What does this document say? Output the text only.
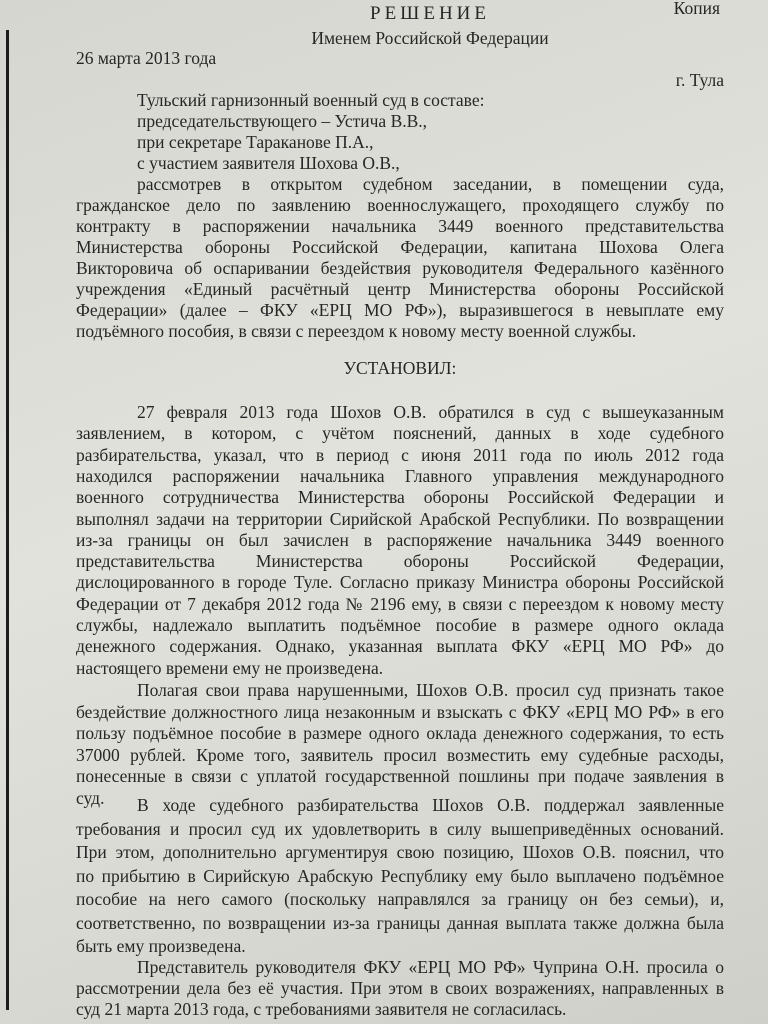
Копия
РЕШЕНИЕ
Именем Российской Федерации
26 марта 2013 года
г. Тула
УСТАНОВИЛ:
Тульский гарнизонный военный суд в составе:
председательствующего – Устича В.В.,
при секретаре Тараканове П.А.,
с участием заявителя Шохова О.В.,
рассмотрев в открытом судебном заседании, в помещении суда,
гражданское дело по заявлению военнослужащего, проходящего службу по
контракту в распоряжении начальника 3449 военного представительства
Министерства обороны Российской Федерации, капитана Шохова Олега
Викторовича об оспаривании бездействия руководителя Федерального казённого
учреждения «Единый расчётный центр Министерства обороны Российской
Федерации» (далее – ФКУ «ЕРЦ МО РФ»), выразившегося в невыплате ему
подъёмного пособия, в связи с переездом к новому месту военной службы.
27 февраля 2013 года Шохов О.В. обратился в суд с вышеуказанным
заявлением, в котором, с учётом пояснений, данных в ходе судебного
разбирательства, указал, что в период с июня 2011 года по июль 2012 года
находился распоряжении начальника Главного управления международного
военного сотрудничества Министерства обороны Российской Федерации и
выполнял задачи на территории Сирийской Арабской Республики. По возвращении
из-за границы он был зачислен в распоряжение начальника 3449 военного
представительства Министерства обороны Российской Федерации,
дислоцированного в городе Туле. Согласно приказу Министра обороны Российской
Федерации от 7 декабря 2012 года № 2196 ему, в связи с переездом к новому месту
службы, надлежало выплатить подъёмное пособие в размере одного оклада
денежного содержания. Однако, указанная выплата ФКУ «ЕРЦ МО РФ» до
настоящего времени ему не произведена.
Полагая свои права нарушенными, Шохов О.В. просил суд признать такое
бездействие должностного лица незаконным и взыскать с ФКУ «ЕРЦ МО РФ» в его
пользу подъёмное пособие в размере одного оклада денежного содержания, то есть
37000 рублей. Кроме того, заявитель просил возместить ему судебные расходы,
понесенные в связи с уплатой государственной пошлины при подаче заявления в
суд.	В ходе судебного разбирательства Шохов О.В. поддержал заявленные
требования и просил суд их удовлетворить в силу вышеприведённых оснований.
При этом, дополнительно аргументируя свою позицию, Шохов О.В. пояснил, что
по прибытию в Сирийскую Арабскую Республику ему было выплачено подъёмное
пособие на него самого (поскольку направлялся за границу он без семьи), и,
соответственно, по возвращении из-за границы данная выплата также должна была
быть ему произведена.
Представитель руководителя ФКУ «ЕРЦ МО РФ» Чуприна О.Н. просила о
рассмотрении дела без её участия. При этом в своих возражениях, направленных в
суд 21 марта 2013 года, с требованиями заявителя не согласилась.
